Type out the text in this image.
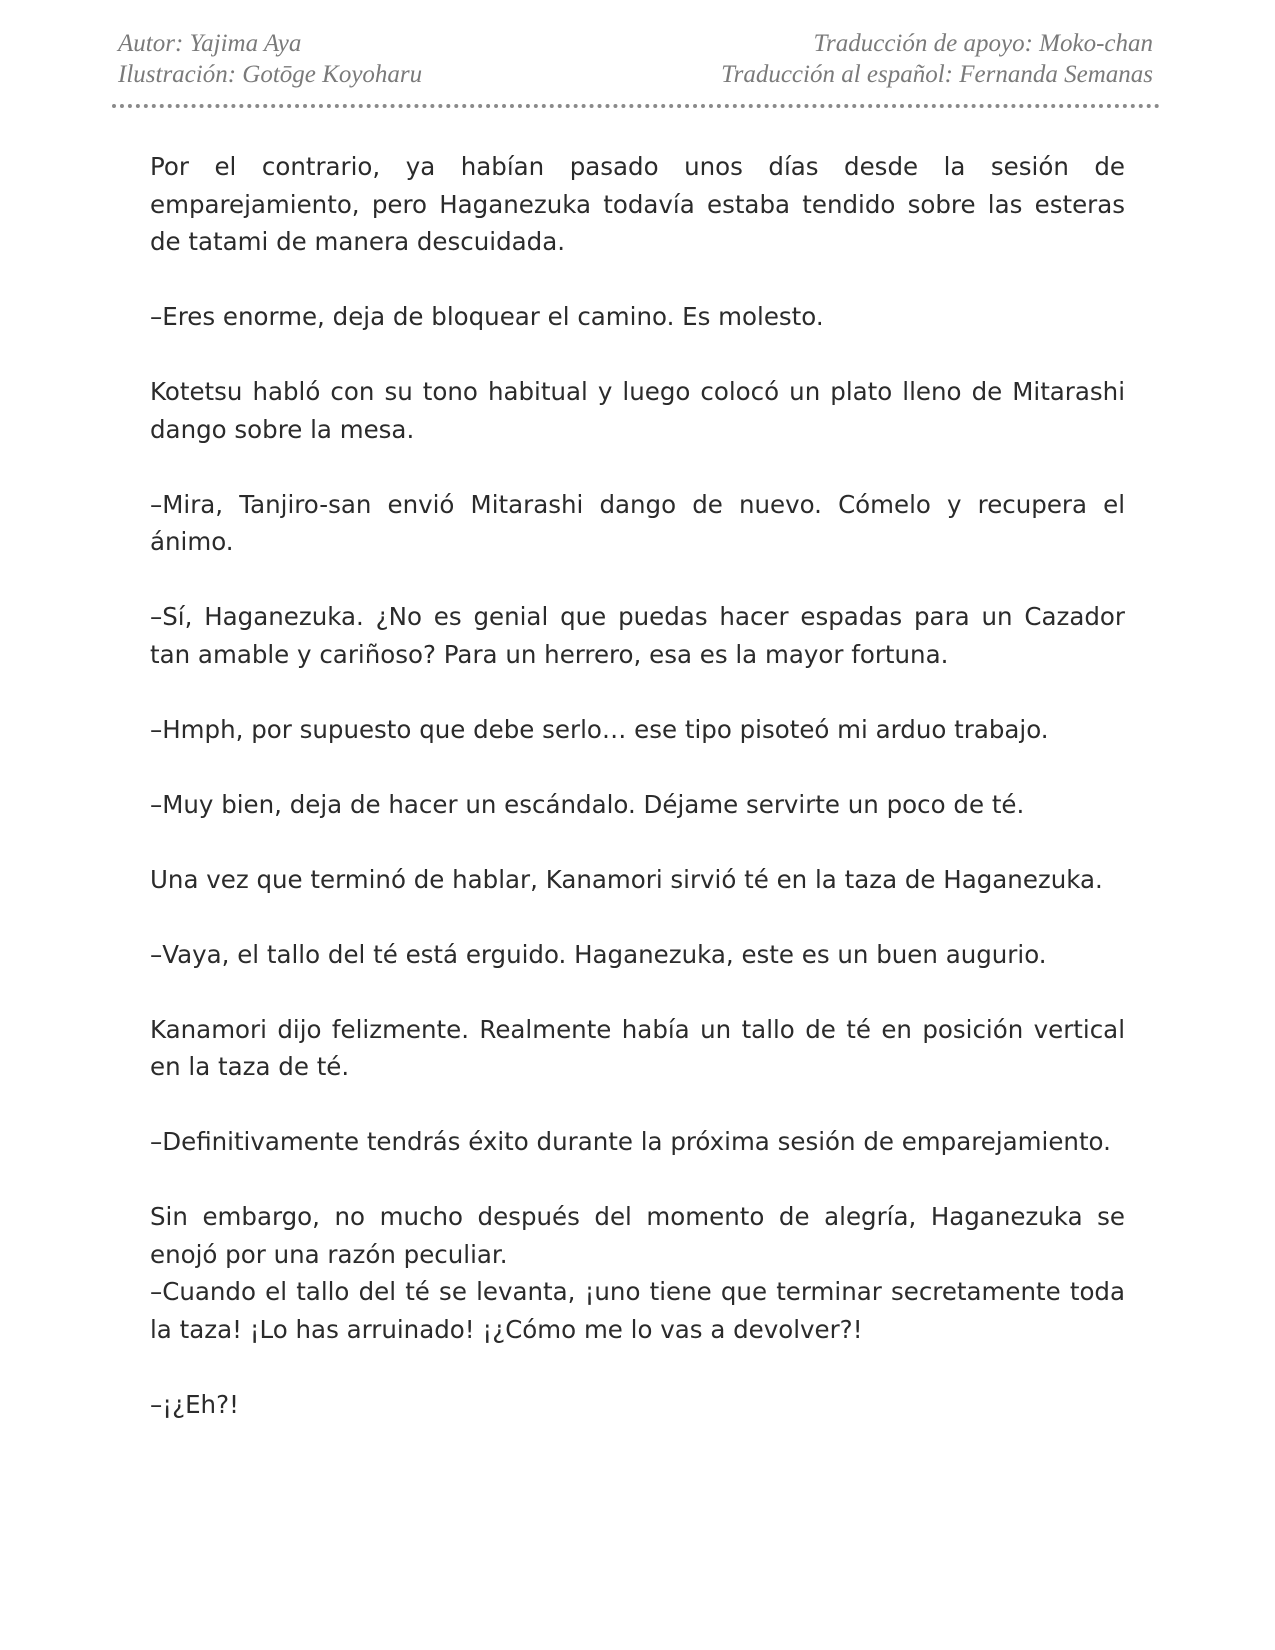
Autor: Yajima Aya
Ilustración: Gotōge Koyoharu
Traducción de apoyo: Moko-chan
Traducción al español: Fernanda Semanas

Por el contrario, ya habían pasado unos días desde la sesión de emparejamiento, pero Haganezuka todavía estaba tendido sobre las esteras de tatami de manera descuidada.

–Eres enorme, deja de bloquear el camino. Es molesto.

Kotetsu habló con su tono habitual y luego colocó un plato lleno de Mitarashi dango sobre la mesa.

–Mira, Tanjiro-san envió Mitarashi dango de nuevo. Cómelo y recupera el ánimo.

–Sí, Haganezuka. ¿No es genial que puedas hacer espadas para un Cazador tan amable y cariñoso? Para un herrero, esa es la mayor fortuna.

–Hmph, por supuesto que debe serlo… ese tipo pisoteó mi arduo trabajo.

–Muy bien, deja de hacer un escándalo. Déjame servirte un poco de té.

Una vez que terminó de hablar, Kanamori sirvió té en la taza de Haganezuka.

–Vaya, el tallo del té está erguido. Haganezuka, este es un buen augurio.

Kanamori dijo felizmente. Realmente había un tallo de té en posición vertical en la taza de té.

–Definitivamente tendrás éxito durante la próxima sesión de emparejamiento.

Sin embargo, no mucho después del momento de alegría, Haganezuka se enojó por una razón peculiar.

–Cuando el tallo del té se levanta, ¡uno tiene que terminar secretamente toda la taza! ¡Lo has arruinado! ¡¿Cómo me lo vas a devolver?!

–¡¿Eh?!
